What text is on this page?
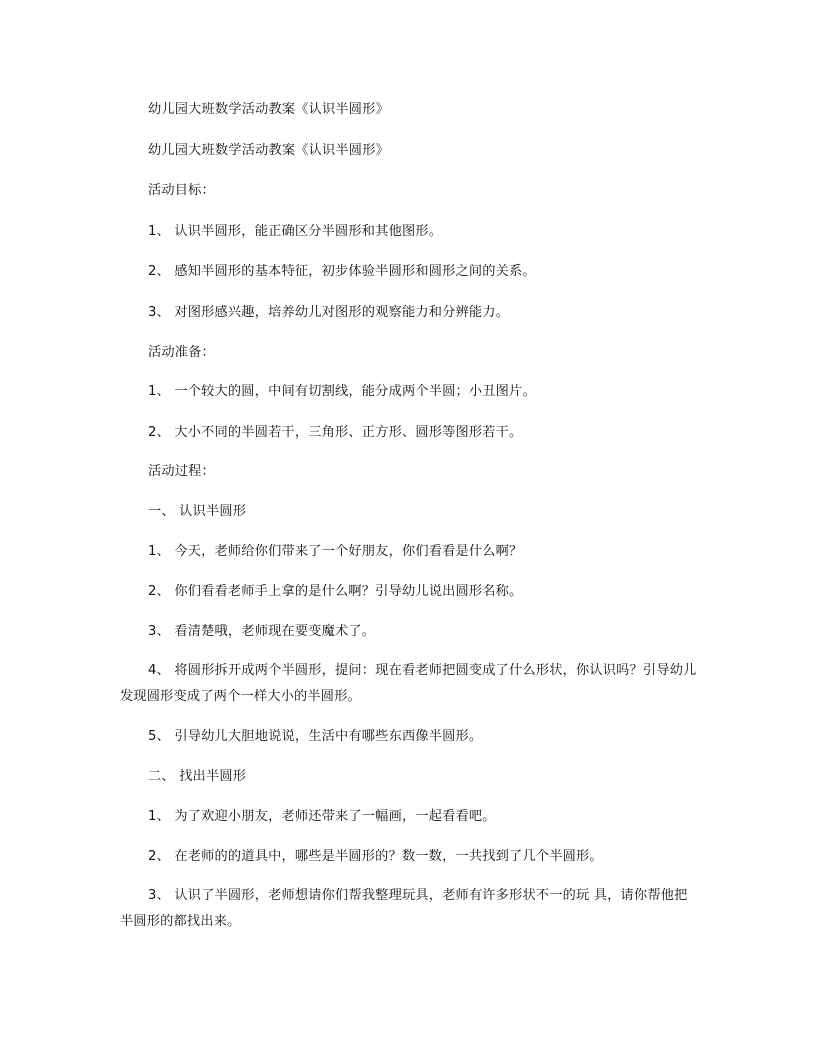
幼儿园大班数学活动教案《认识半圆形》

幼儿园大班数学活动教案《认识半圆形》

活动目标：

1、 认识半圆形，能正确区分半圆形和其他图形。

2、 感知半圆形的基本特征，初步体验半圆形和圆形之间的关系。

3、 对图形感兴趣，培养幼儿对图形的观察能力和分辨能力。

活动准备：

1、 一个较大的圆，中间有切割线，能分成两个半圆；小丑图片。

2、 大小不同的半圆若干，三角形、正方形、圆形等图形若干。

活动过程：

一、 认识半圆形

1、 今天，老师给你们带来了一个好朋友，你们看看是什么啊？

2、 你们看看老师手上拿的是什么啊？引导幼儿说出圆形名称。

3、 看清楚哦，老师现在要变魔术了。

4、 将圆形拆开成两个半圆形，提问：现在看老师把圆变成了什么形状，你认识吗？引导幼儿发现圆形变成了两个一样大小的半圆形。

5、 引导幼儿大胆地说说，生活中有哪些东西像半圆形。

二、 找出半圆形

1、 为了欢迎小朋友，老师还带来了一幅画，一起看看吧。

2、 在老师的的道具中，哪些是半圆形的？数一数，一共找到了几个半圆形。

3、 认识了半圆形，老师想请你们帮我整理玩具，老师有许多形状不一的玩 具，请你帮他把半圆形的都找出来。
